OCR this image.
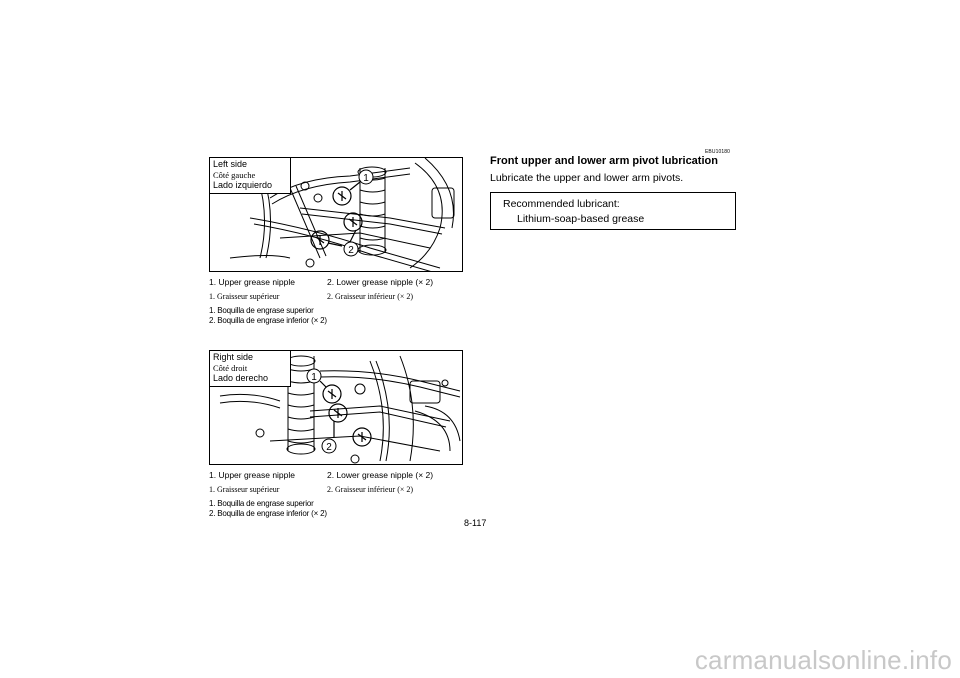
1
2
Left side
Côté gauche
Lado izquierdo
1. Upper grease nipple	2. Lower grease nipple (× 2)
1. Graisseur supérieur	2. Graisseur inférieur (× 2)
1. Boquilla de engrase superior
2. Boquilla de engrase inferior (× 2)
1
2
Right side
Côté droit
Lado derecho
1. Upper grease nipple	2. Lower grease nipple (× 2)
1. Graisseur supérieur	2. Graisseur inférieur (× 2)
1. Boquilla de engrase superior
2. Boquilla de engrase inferior (× 2)
EBU10180
Front upper and lower arm pivot lubrication
Lubricate the upper and lower arm pivots.
Recommended lubricant:
Lithium-soap-based grease
8-117
carmanualsonline.info
